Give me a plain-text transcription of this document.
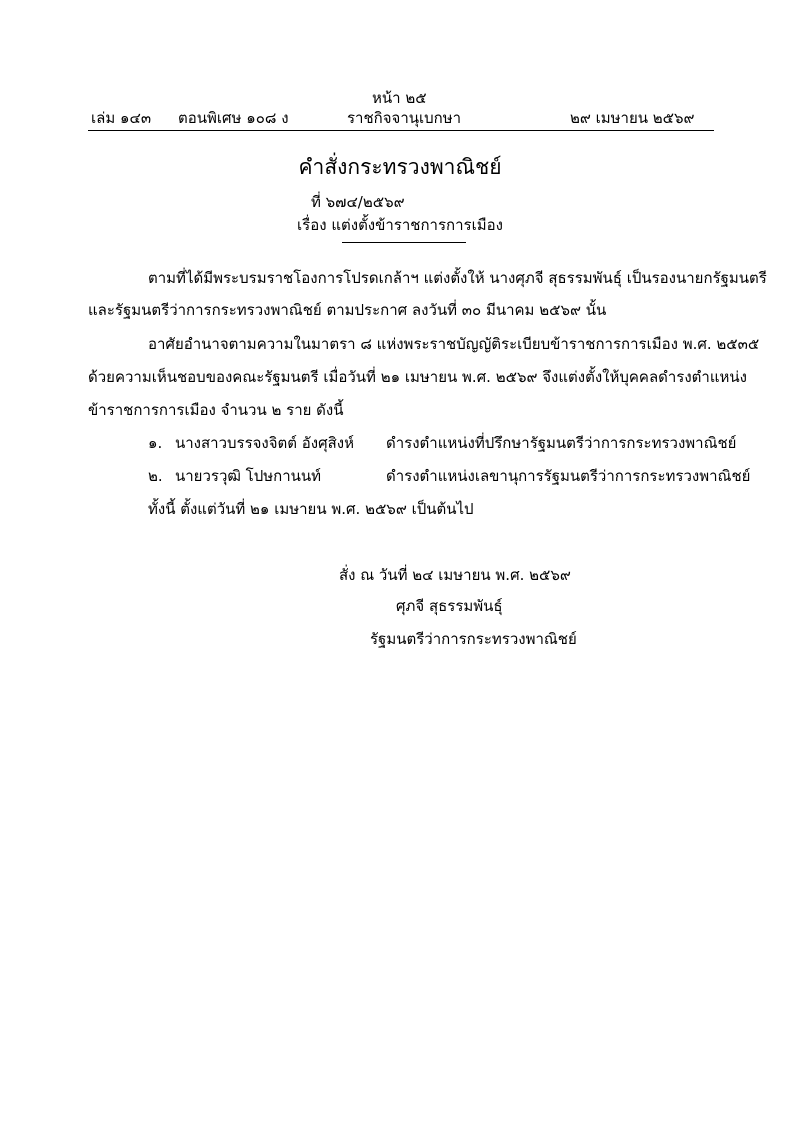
หน้า ๒๕
เล่ม ๑๔๓ ตอนพิเศษ ๑๐๘ ง	ราชกิจจานุเบกษา	๒๙ เมษายน ๒๕๖๙
คำสั่งกระทรวงพาณิชย์
ที่ ๖๗๔/๒๕๖๙
เรื่อง แต่งตั้งข้าราชการการเมือง
ตามที่ได้มีพระบรมราชโองการโปรดเกล้าฯ แต่งตั้งให้ นางศุภจี สุธรรมพันธุ์ เป็นรองนายกรัฐมนตรี
และรัฐมนตรีว่าการกระทรวงพาณิชย์ ตามประกาศ ลงวันที่ ๓๐ มีนาคม ๒๕๖๙ นั้น
อาศัยอำนาจตามความในมาตรา ๘ แห่งพระราชบัญญัติระเบียบข้าราชการการเมือง พ.ศ. ๒๕๓๕
ด้วยความเห็นชอบของคณะรัฐมนตรี เมื่อวันที่ ๒๑ เมษายน พ.ศ. ๒๕๖๙ จึงแต่งตั้งให้บุคคลดำรงตำแหน่ง
ข้าราชการการเมือง จำนวน ๒ ราย ดังนี้
๑. นางสาวบรรจงจิตต์ อังศุสิงห์ ดำรงตำแหน่งที่ปรึกษารัฐมนตรีว่าการกระทรวงพาณิชย์
๒. นายวรวุฒิ โปษกานนท์	ดำรงตำแหน่งเลขานุการรัฐมนตรีว่าการกระทรวงพาณิชย์
ทั้งนี้ ตั้งแต่วันที่ ๒๑ เมษายน พ.ศ. ๒๕๖๙ เป็นต้นไป
สั่ง ณ วันที่ ๒๔ เมษายน พ.ศ. ๒๕๖๙
ศุภจี สุธรรมพันธุ์
รัฐมนตรีว่าการกระทรวงพาณิชย์
